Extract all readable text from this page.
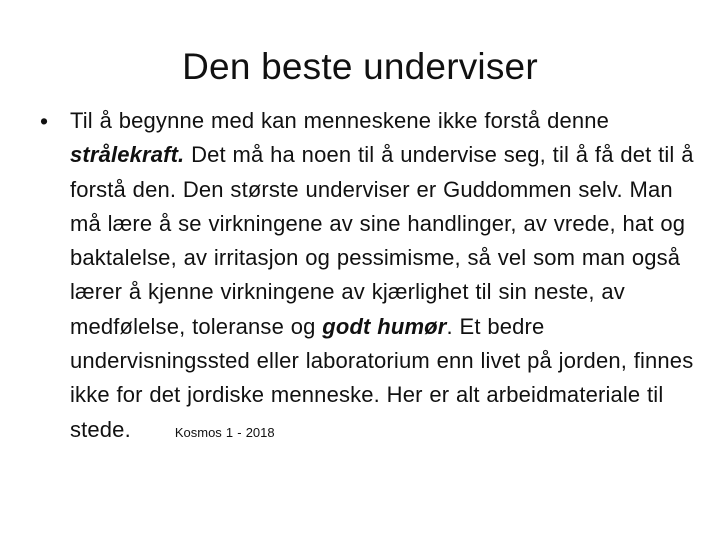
Den beste underviser
• Til å begynne med kan menneskene ikke forstå denne strålekraft. Det må ha noen til å undervise seg, til å få det til å forstå den. Den største underviser er Guddommen selv. Man må lære å se virkningene av sine handlinger, av vrede, hat og baktalelse, av irritasjon og pessimisme, så vel som man også lærer å kjenne virkningene av kjærlighet til sin neste, av medfølelse, toleranse og godt humør. Et bedre undervisningssted eller laboratorium enn livet på jorden, finnes ikke for det jordiske menneske. Her er alt arbeidmateriale til stede.	Kosmos 1 - 2018
